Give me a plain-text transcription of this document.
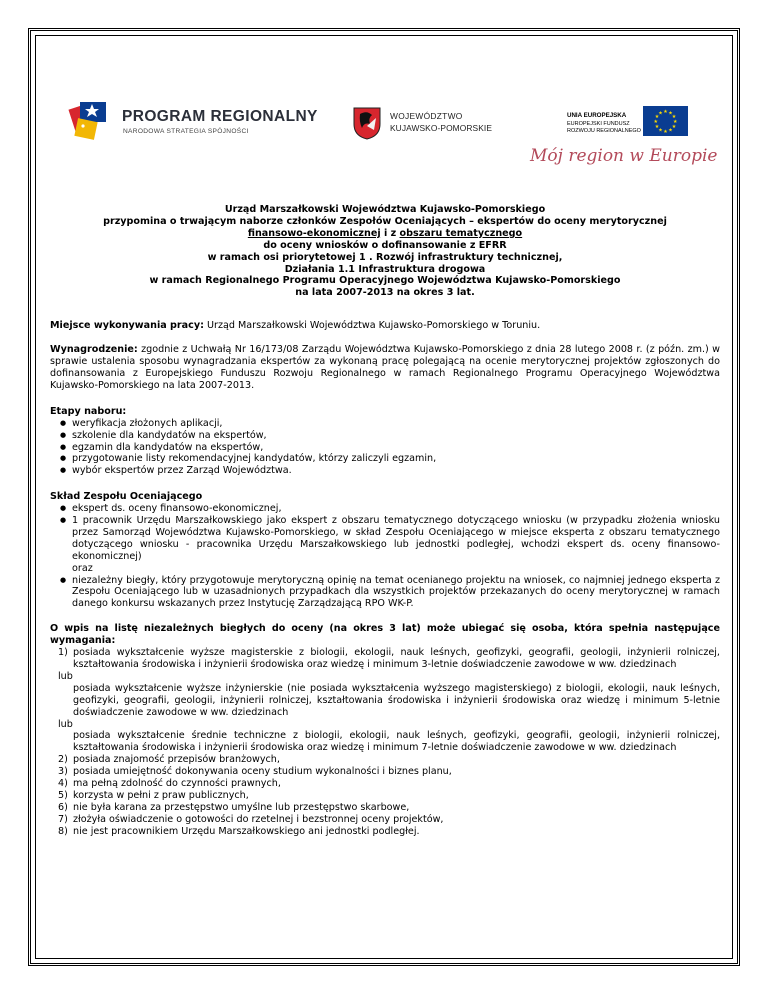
PROGRAM REGIONALNY
NARODOWA STRATEGIA SPÓJNOŚCI
WOJEWÓDZTWO
KUJAWSKO-POMORSKIE
UNIA EUROPEJSKA
EUROPEJSKI FUNDUSZ
ROZWOJU REGIONALNEGO
★ ★
★
★
★
★
★
★
★
★
★
★
Mój region w Europie
Urząd Marszałkowski Województwa Kujawsko-Pomorskiego
przypomina o trwającym naborze członków Zespołów Oceniających – ekspertów do oceny merytorycznej
finansowo-ekonomicznej i z obszaru tematycznego
do oceny wniosków o dofinansowanie z EFRR
w ramach osi priorytetowej 1 . Rozwój infrastruktury technicznej,
Działania 1.1 Infrastruktura drogowa
w ramach Regionalnego Programu Operacyjnego Województwa Kujawsko-Pomorskiego
na lata 2007-2013 na okres 3 lat.

Miejsce wykonywania pracy: Urząd Marszałkowski Województwa Kujawsko-Pomorskiego w Toruniu.

Wynagrodzenie: zgodnie z Uchwałą Nr 16/173/08 Zarządu Województwa Kujawsko-Pomorskiego z dnia 28 lutego 2008 r. (z późn. zm.) w sprawie ustalenia sposobu wynagradzania ekspertów za wykonaną pracę polegającą na ocenie merytorycznej projektów zgłoszonych do dofinansowania z Europejskiego Funduszu Rozwoju Regionalnego w ramach Regionalnego Programu Operacyjnego Województwa Kujawsko-Pomorskiego na lata 2007-2013.

Etapy naboru:

● weryfikacja złożonych aplikacji,
● szkolenie dla kandydatów na ekspertów,
● egzamin dla kandydatów na ekspertów,
● przygotowanie listy rekomendacyjnej kandydatów, którzy zaliczyli egzamin,
● wybór ekspertów przez Zarząd Województwa.

Skład Zespołu Oceniającego

● ekspert ds. oceny finansowo-ekonomicznej,
● 1 pracownik Urzędu Marszałkowskiego jako ekspert z obszaru tematycznego dotyczącego wniosku (w przypadku złożenia wniosku przez Samorząd Województwa Kujawsko-Pomorskiego, w skład Zespołu Oceniającego w miejsce eksperta z obszaru tematycznego dotyczącego wniosku - pracownika Urzędu Marszałkowskiego lub jednostki podległej, wchodzi ekspert ds. oceny finansowo-ekonomicznej)
oraz
● niezależny biegły, który przygotowuje merytoryczną opinię na temat ocenianego projektu na wniosek, co najmniej jednego eksperta z Zespołu Oceniającego lub w uzasadnionych przypadkach dla wszystkich projektów przekazanych do oceny merytorycznej w ramach danego konkursu wskazanych przez Instytucję Zarządzającą RPO WK-P.

O wpis na listę niezależnych biegłych do oceny (na okres 3 lat) może ubiegać się osoba, która spełnia następujące wymagania:

1) posiada wykształcenie wyższe magisterskie z biologii, ekologii, nauk leśnych, geofizyki, geografii, geologii, inżynierii rolniczej, kształtowania środowiska i inżynierii środowiska oraz wiedzę i minimum 3-letnie doświadczenie zawodowe w ww. dziedzinach
lub
posiada wykształcenie wyższe inżynierskie (nie posiada wykształcenia wyższego magisterskiego) z biologii, ekologii, nauk leśnych, geofizyki, geografii, geologii, inżynierii rolniczej, kształtowania środowiska i inżynierii środowiska oraz wiedzę i minimum 5-letnie doświadczenie zawodowe w ww. dziedzinach
lub
posiada wykształcenie średnie techniczne z biologii, ekologii, nauk leśnych, geofizyki, geografii, geologii, inżynierii rolniczej, kształtowania środowiska i inżynierii środowiska oraz wiedzę i minimum 7-letnie doświadczenie zawodowe w ww. dziedzinach
2) posiada znajomość przepisów branżowych,
3) posiada umiejętność dokonywania oceny studium wykonalności i biznes planu,
4) ma pełną zdolność do czynności prawnych,
5) korzysta w pełni z praw publicznych,
6) nie była karana za przestępstwo umyślne lub przestępstwo skarbowe,
7) złożyła oświadczenie o gotowości do rzetelnej i bezstronnej oceny projektów,
8) nie jest pracownikiem Urzędu Marszałkowskiego ani jednostki podległej.
